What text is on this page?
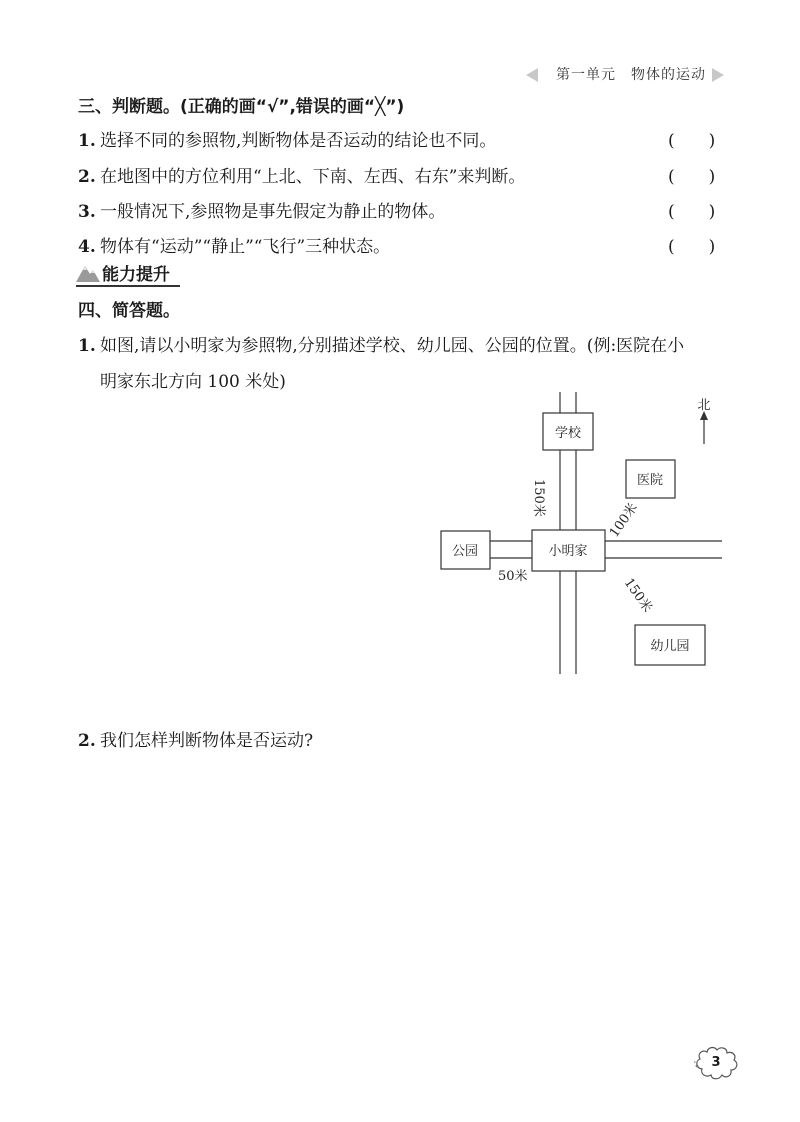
第一单元　物体的运动
三、判断题。(正确的画“√”,错误的画“╳”)
1. 选择不同的参照物,判断物体是否运动的结论也不同。	(　　)
2. 在地图中的方位利用“上北、下南、左西、右东”来判断。	(　　)
3. 一般情况下,参照物是事先假定为静止的物体。	(　　)
4. 物体有“运动”“静止”“飞行”三种状态。	(　　)
能力提升
四、简答题。
1. 如图,请以小明家为参照物,分别描述学校、幼儿园、公园的位置。(例:医院在小
明家东北方向 100 米处)
学校
医院
公园	小明家
幼儿园
150米
100米
50米	150米
北
2. 我们怎样判断物体是否运动?
3
